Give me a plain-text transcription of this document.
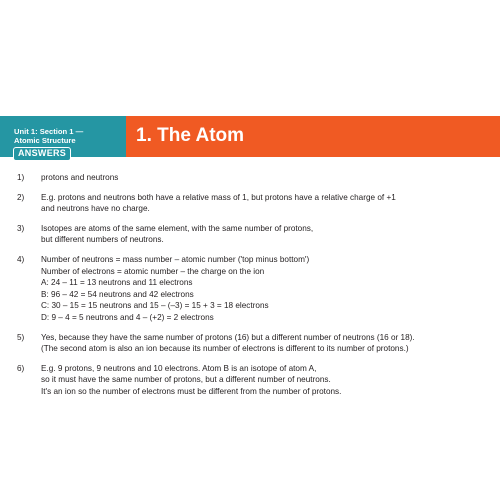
Unit 1: Section 1 —
Atomic Structure
ANSWERS
1. The Atom
1) protons and neutrons
2) E.g. protons and neutrons both have a relative mass of 1, but protons have a relative charge of +1
and neutrons have no charge.
3) Isotopes are atoms of the same element, with the same number of protons,
but different numbers of neutrons.
4) Number of neutrons = mass number – atomic number ('top minus bottom')
Number of electrons = atomic number – the charge on the ion
A: 24 – 11 = 13 neutrons and 11 electrons
B: 96 – 42 = 54 neutrons and 42 electrons
C: 30 – 15 = 15 neutrons and 15 – (–3) = 15 + 3 = 18 electrons
D: 9 – 4 = 5 neutrons and 4 – (+2) = 2 electrons
5) Yes, because they have the same number of protons (16) but a different number of neutrons (16 or 18).
(The second atom is also an ion because its number of electrons is different to its number of protons.)
6) E.g. 9 protons, 9 neutrons and 10 electrons. Atom B is an isotope of atom A,
so it must have the same number of protons, but a different number of neutrons.
It's an ion so the number of electrons must be different from the number of protons.
